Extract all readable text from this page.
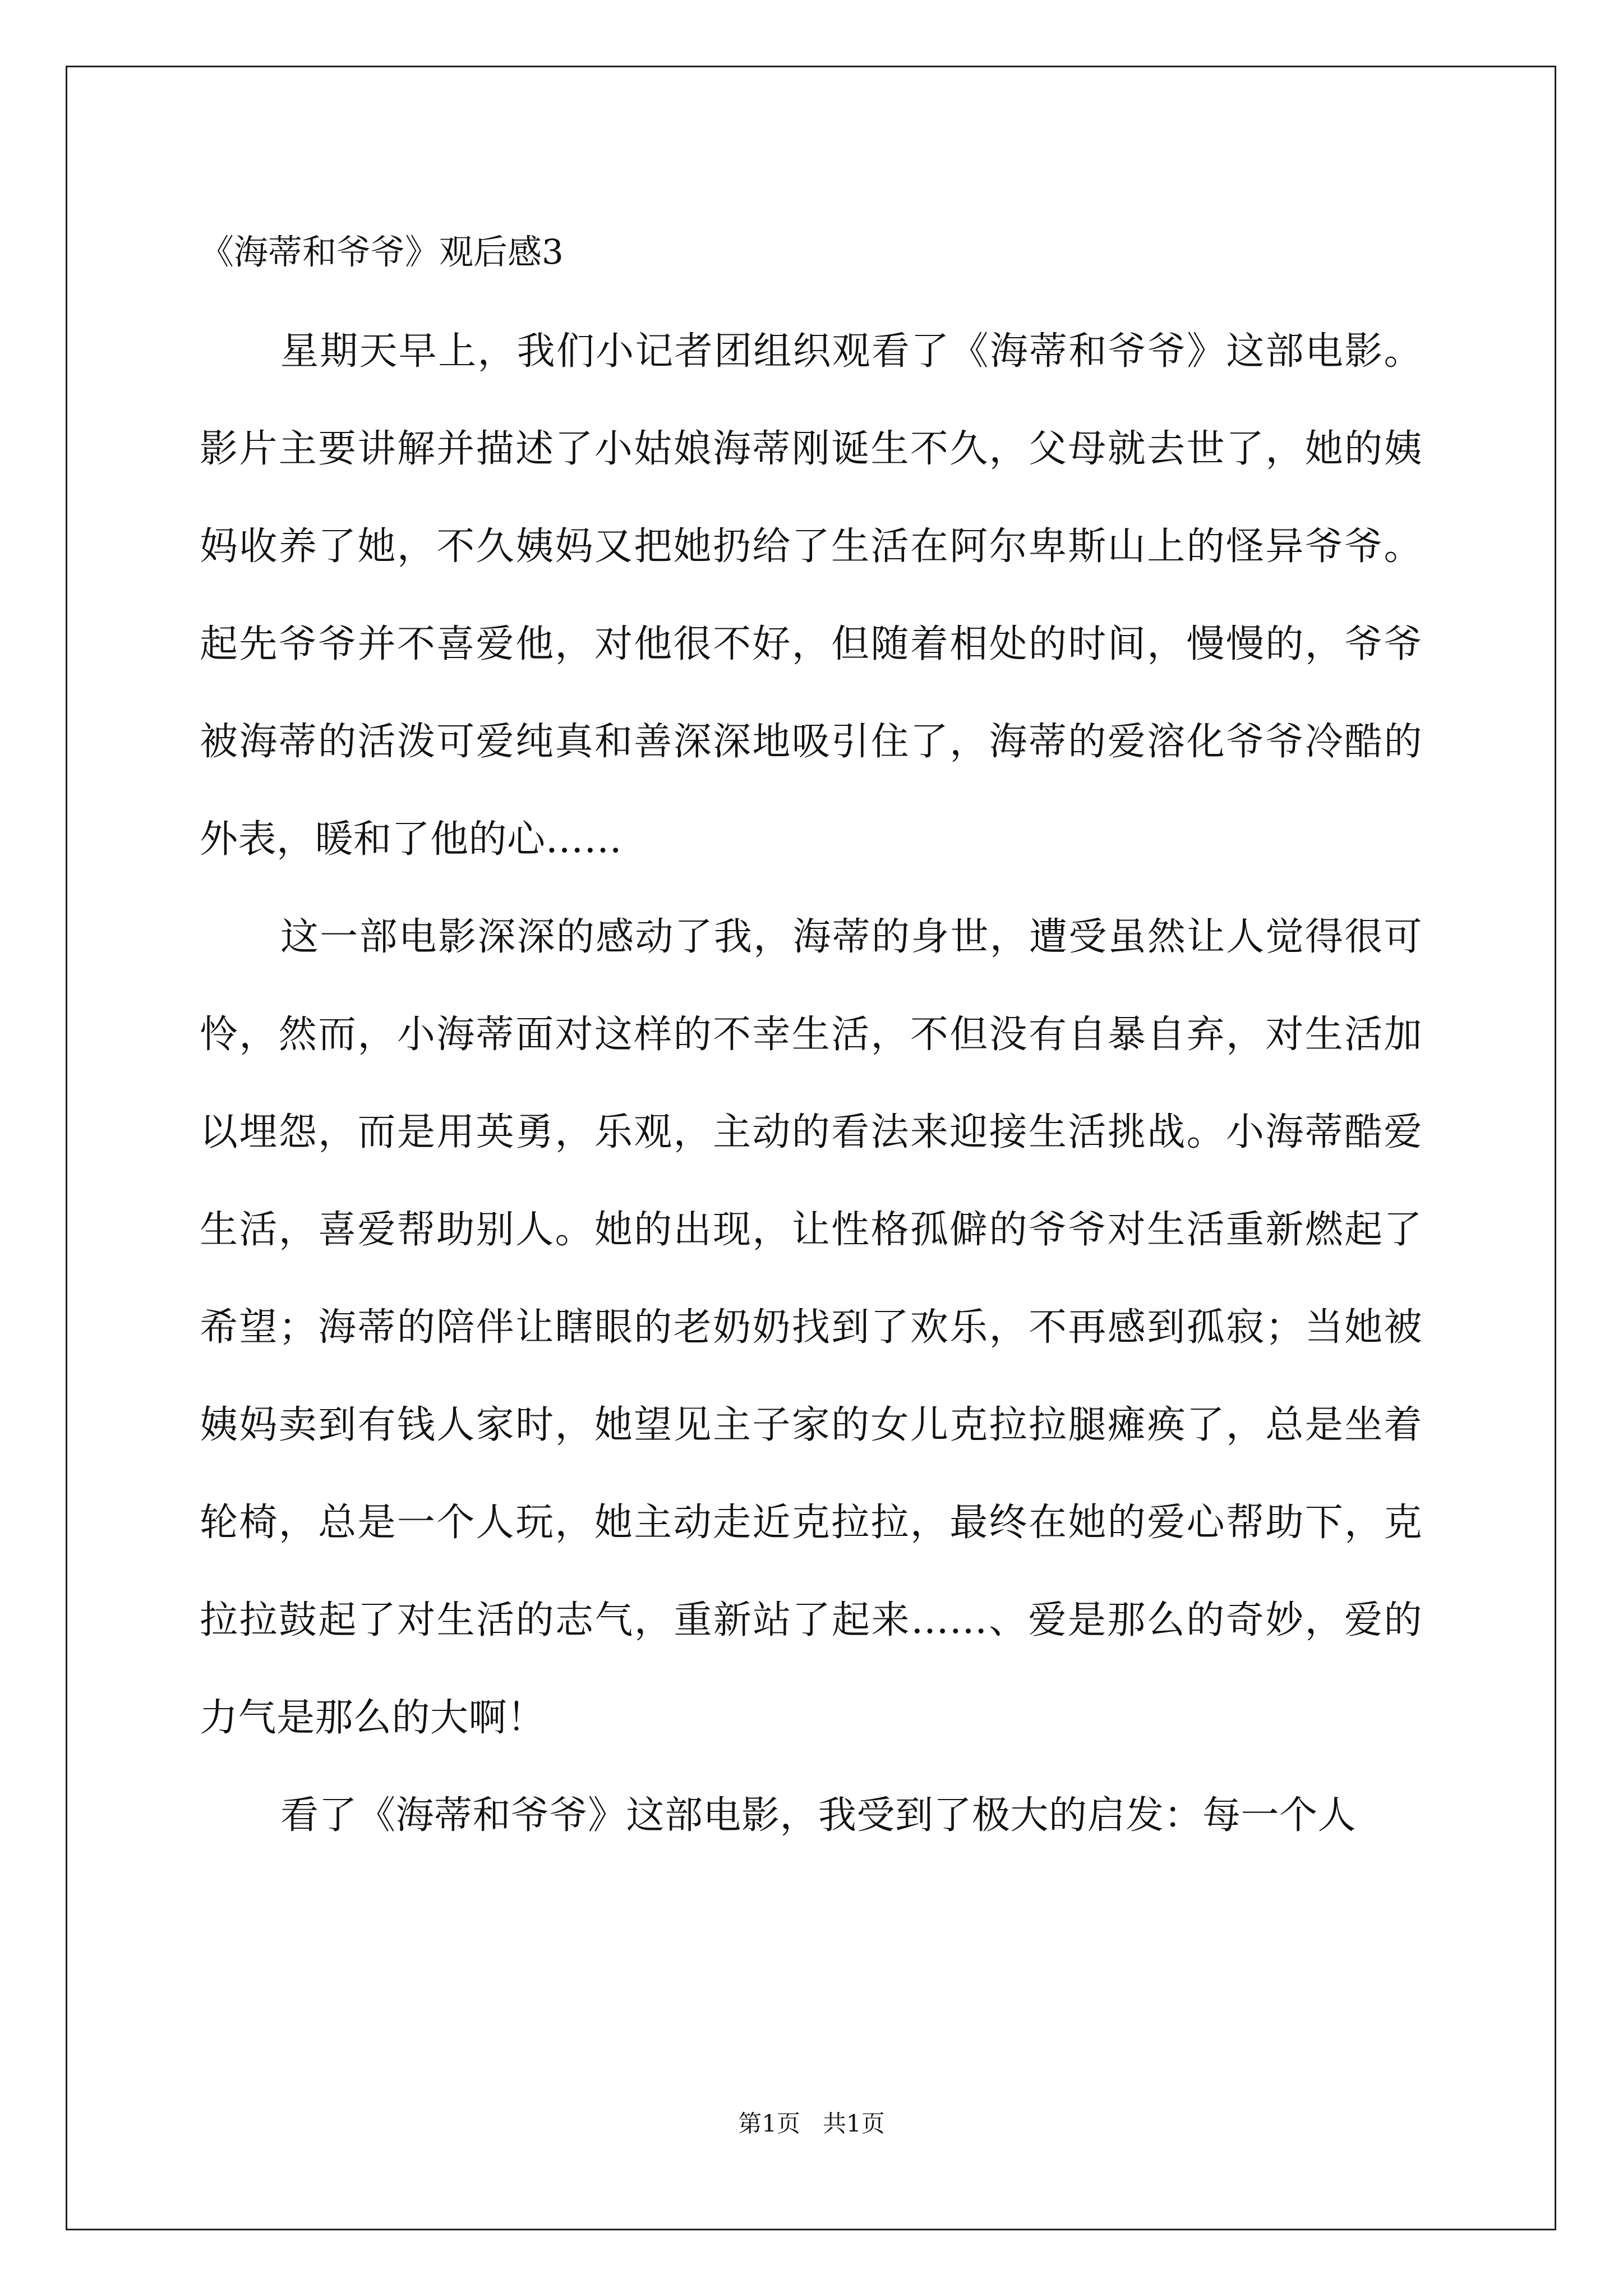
《海蒂和爷爷》观后感3

星期天早上，我们小记者团组织观看了《海蒂和爷爷》这部电影。影片主要讲解并描述了小姑娘海蒂刚诞生不久，父母就去世了，她的姨妈收养了她，不久姨妈又把她扔给了生活在阿尔卑斯山上的怪异爷爷。起先爷爷并不喜爱他，对他很不好，但随着相处的时间，慢慢的，爷爷被海蒂的活泼可爱纯真和善深深地吸引住了，海蒂的爱溶化爷爷冷酷的外表，暖和了他的心……

这一部电影深深的感动了我，海蒂的身世，遭受虽然让人觉得很可怜，然而，小海蒂面对这样的不幸生活，不但没有自暴自弃，对生活加以埋怨，而是用英勇，乐观，主动的看法来迎接生活挑战。小海蒂酷爱生活，喜爱帮助别人。她的出现，让性格孤僻的爷爷对生活重新燃起了希望；海蒂的陪伴让瞎眼的老奶奶找到了欢乐，不再感到孤寂；当她被姨妈卖到有钱人家时，她望见主子家的女儿克拉拉腿瘫痪了，总是坐着轮椅，总是一个人玩，她主动走近克拉拉，最终在她的爱心帮助下，克拉拉鼓起了对生活的志气，重新站了起来……、爱是那么的奇妙，爱的力气是那么的大啊！

看了《海蒂和爷爷》这部电影，我受到了极大的启发：每一个人

第1页   共1页
